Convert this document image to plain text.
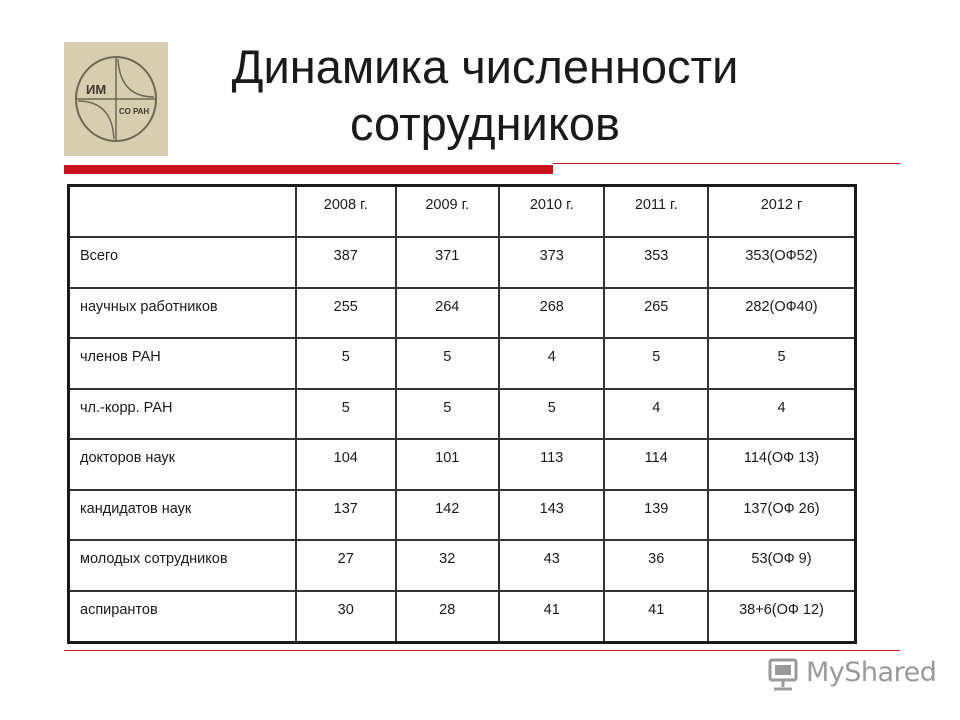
ИМ
СО РАН
Динамика численности
сотрудников
	2008 г.	2009 г.	2010 г.	2011 г.	2012 г
Всего	387	371	373	353	353(ОФ52)
научных работников	255	264	268	265	282(ОФ40)
членов РАН	5	5	4	5	5
чл.-корр. РАН	5	5	5	4	4
докторов наук	104	101	113	114	114(ОФ 13)
кандидатов наук	137	142	143	139	137(ОФ 26)
молодых сотрудников	27	32	43	36	53(ОФ 9)
аспирантов	30	28	41	41	38+6(ОФ 12)
MyShared
